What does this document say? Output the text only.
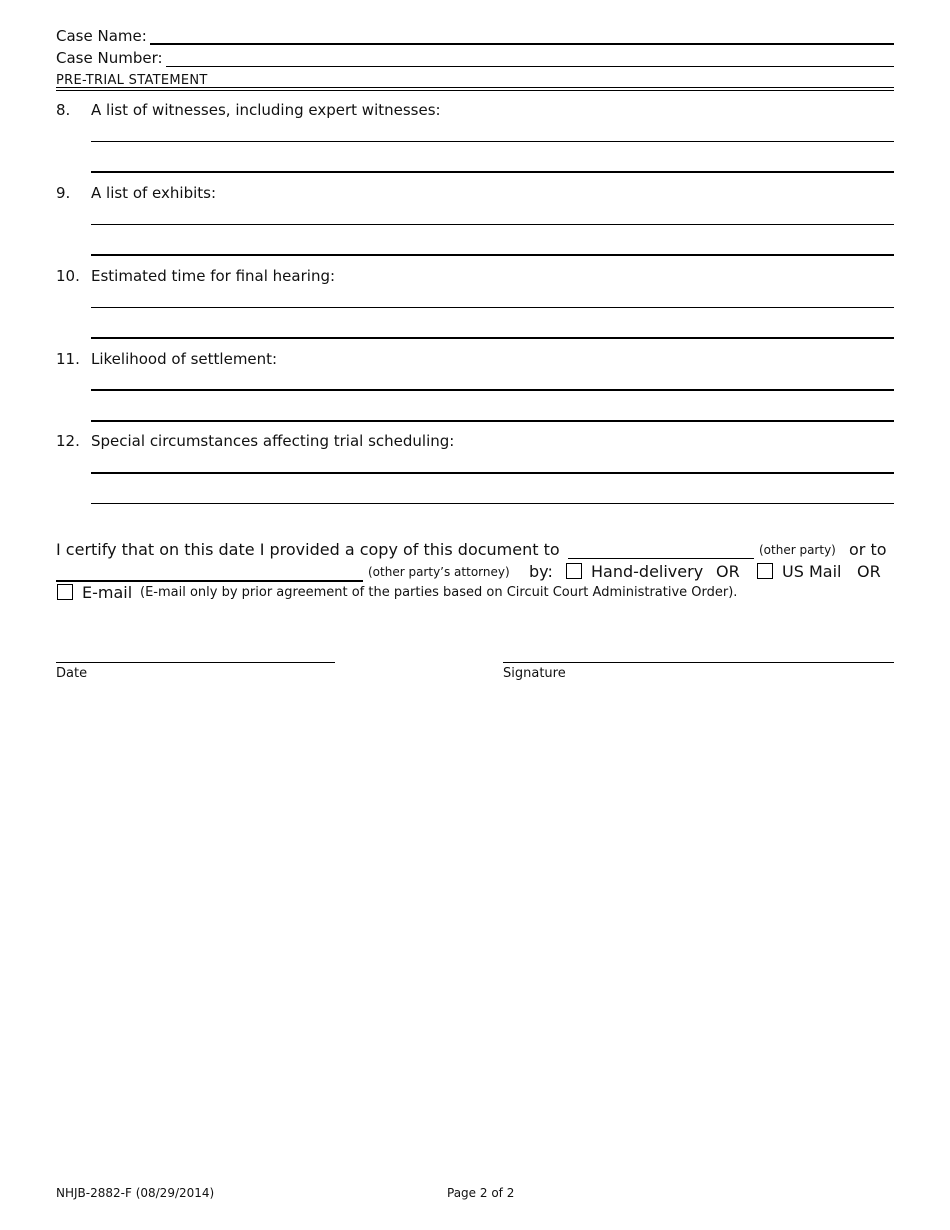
Case Name:
Case Number:
PRE-TRIAL STATEMENT
8. A list of witnesses, including expert witnesses:
9. A list of exhibits:
10. Estimated time for final hearing:
11. Likelihood of settlement:
12. Special circumstances affecting trial scheduling:
I certify that on this date I provided a copy of this document to	(other party) or to
(other party’s attorney) by: Hand-delivery OR	US Mail OR
E-mail (E-mail only by prior agreement of the parties based on Circuit Court Administrative Order).
Date	Signature
NHJB-2882-F (08/29/2014)	Page 2 of 2
